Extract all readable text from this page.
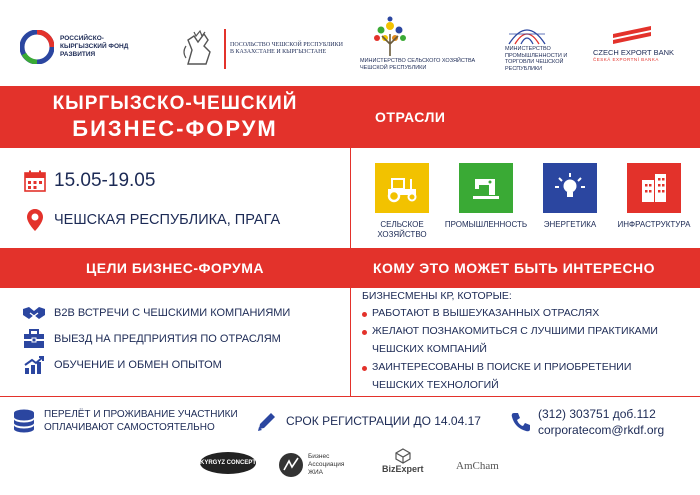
РОССИЙСКО-КЫРГЫЗСКИЙ ФОНД РАЗВИТИЯ
ПОСОЛЬСТВО ЧЕШСКОЙ РЕСПУБЛИКИ В КАЗАХСТАНЕ И КЫРГЫЗСТАНЕ
МИНИСТЕРСТВО СЕЛЬСКОГО ХОЗЯЙСТВА ЧЕШСКОЙ РЕСПУБЛИКИ
МИНИСТЕРСТВО ПРОМЫШЛЕННОСТИ И ТОРГОВЛИ ЧЕШСКОЙ РЕСПУБЛИКИ
CZECH EXPORT BANK
ČESKÁ EXPORTNÍ BANKA
КЫРГЫЗСКО-ЧЕШСКИЙ
БИЗНЕС-ФОРУМ	ОТРАСЛИ
15.05-19.05
ЧЕШСКАЯ РЕСПУБЛИКА, ПРАГА	СЕЛЬСКОЕ
ХОЗЯЙСТВО
ПРОМЫШЛЕННОСТЬ	ЭНЕРГЕТИКА	ИНФРАСТРУКТУРА
ЦЕЛИ БИЗНЕС-ФОРУМА	КОМУ ЭТО МОЖЕТ БЫТЬ ИНТЕРЕСНО
B2B ВСТРЕЧИ С ЧЕШСКИМИ КОМПАНИЯМИ
ВЫЕЗД НА ПРЕДПРИЯТИЯ ПО ОТРАСЛЯМ
ОБУЧЕНИЕ И ОБМЕН ОПЫТОМ
БИЗНЕСМЕНЫ КР, КОТОРЫЕ:
РАБОТАЮТ В ВЫШЕУКАЗАННЫХ ОТРАСЛЯХ
ЖЕЛАЮТ ПОЗНАКОМИТЬСЯ С ЛУЧШИМИ ПРАКТИКАМИ
ЧЕШСКИХ КОМПАНИЙ
ЗАИНТЕРЕСОВАНЫ В ПОИСКЕ И ПРИОБРЕТЕНИИ
ЧЕШСКИХ ТЕХНОЛОГИЙ
ПЕРЕЛЁТ И ПРОЖИВАНИЕ УЧАСТНИКИ
ОПЛАЧИВАЮТ САМОСТОЯТЕЛЬНО	СРОК РЕГИСТРАЦИИ ДО 14.04.17	(312) 303751 доб.112
corporatecom@rkdf.org
KYRGYZ CONCEPT
Бизнес
Ассоциация
ЖИА	BizExpert	AmCham
